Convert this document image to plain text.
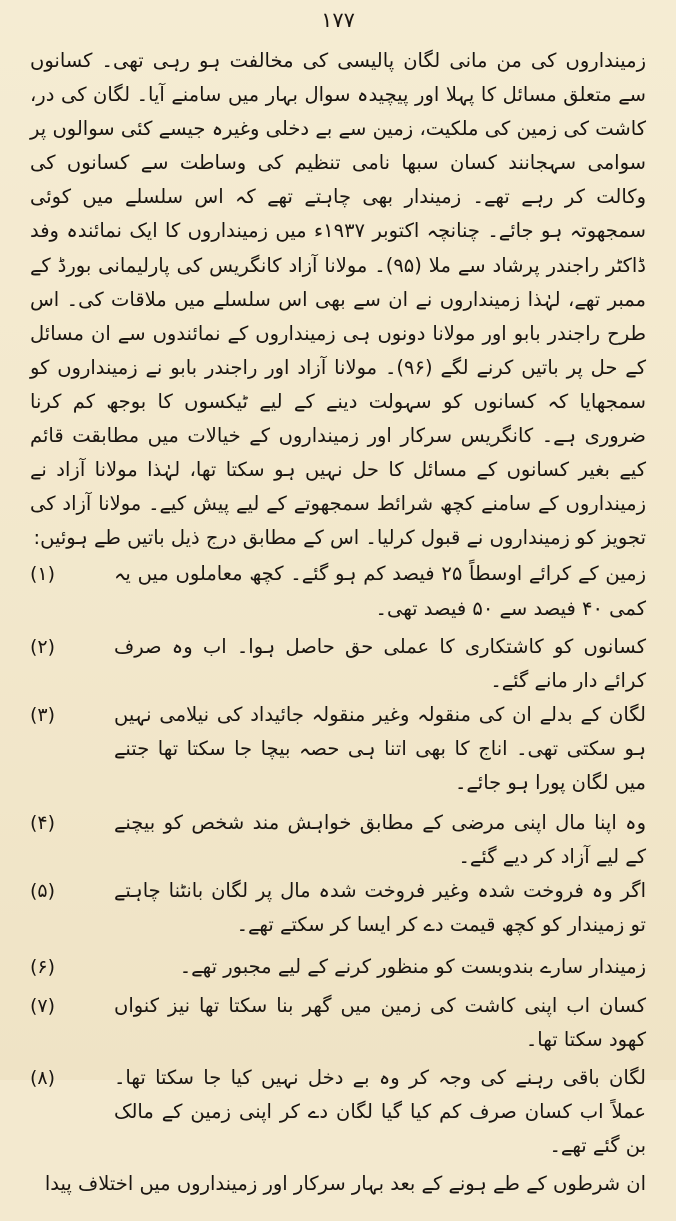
۱۷۷

زمینداروں کی من مانی لگان پالیسی کی مخالفت ہو رہی تھی۔ کسانوں سے متعلق مسائل کا پہلا اور پیچیدہ سوال بہار میں سامنے آیا۔ لگان کی در، کاشت کی زمین کی ملکیت، زمین سے بے دخلی وغیرہ جیسے کئی سوالوں پر سوامی سہجانند کسان سبھا نامی تنظیم کی وساطت سے کسانوں کی وکالت کر رہے تھے۔ زمیندار بھی چاہتے تھے کہ اس سلسلے میں کوئی سمجھوتہ ہو جائے۔ چنانچہ اکتوبر ۱۹۳۷ء میں زمینداروں کا ایک نمائندہ وفد ڈاکٹر راجندر پرشاد سے ملا (۹۵)۔ مولانا آزاد کانگریس کی پارلیمانی بورڈ کے ممبر تھے، لہٰذا زمینداروں نے ان سے بھی اس سلسلے میں ملاقات کی۔ اس طرح راجندر بابو اور مولانا دونوں ہی زمینداروں کے نمائندوں سے ان مسائل کے حل پر باتیں کرنے لگے (۹۶)۔ مولانا آزاد اور راجندر بابو نے زمینداروں کو سمجھایا کہ کسانوں کو سہولت دینے کے لیے ٹیکسوں کا بوجھ کم کرنا ضروری ہے۔ کانگریس سرکار اور زمینداروں کے خیالات میں مطابقت قائم کیے بغیر کسانوں کے مسائل کا حل نہیں ہو سکتا تھا، لہٰذا مولانا آزاد نے زمینداروں کے سامنے کچھ شرائط سمجھوتے کے لیے پیش کیے۔ مولانا آزاد کی تجویز کو زمینداروں نے قبول کرلیا۔ اس کے مطابق درج ذیل باتیں طے ہوئیں:

(۱)	زمین کے کرائے اوسطاً ۲۵ فیصد کم ہو گئے۔ کچھ معاملوں میں یہ کمی ۴۰ فیصد سے ۵۰ فیصد تھی۔
(۲)	کسانوں کو کاشتکاری کا عملی حق حاصل ہوا۔ اب وہ صرف کرائے دار مانے گئے۔
(۳)	لگان کے بدلے ان کی منقولہ وغیر منقولہ جائیداد کی نیلامی نہیں ہو سکتی تھی۔ اناج کا بھی اتنا ہی حصہ بیچا جا سکتا تھا جتنے میں لگان پورا ہو جائے۔
(۴)	وہ اپنا مال اپنی مرضی کے مطابق خواہش مند شخص کو بیچنے کے لیے آزاد کر دیے گئے۔
(۵)	اگر وہ فروخت شدہ وغیر فروخت شدہ مال پر لگان بانٹنا چاہتے تو زمیندار کو کچھ قیمت دے کر ایسا کر سکتے تھے۔
(۶)	زمیندار سارے بندوبست کو منظور کرنے کے لیے مجبور تھے۔
(۷)	کسان اب اپنی کاشت کی زمین میں گھر بنا سکتا تھا نیز کنواں کھود سکتا تھا۔
(۸)	لگان باقی رہنے کی وجہ کر وہ بے دخل نہیں کیا جا سکتا تھا۔ عملاً اب کسان صرف کم کیا گیا لگان دے کر اپنی زمین کے مالک بن گئے تھے۔

ان شرطوں کے طے ہونے کے بعد بہار سرکار اور زمینداروں میں اختلاف پیدا
